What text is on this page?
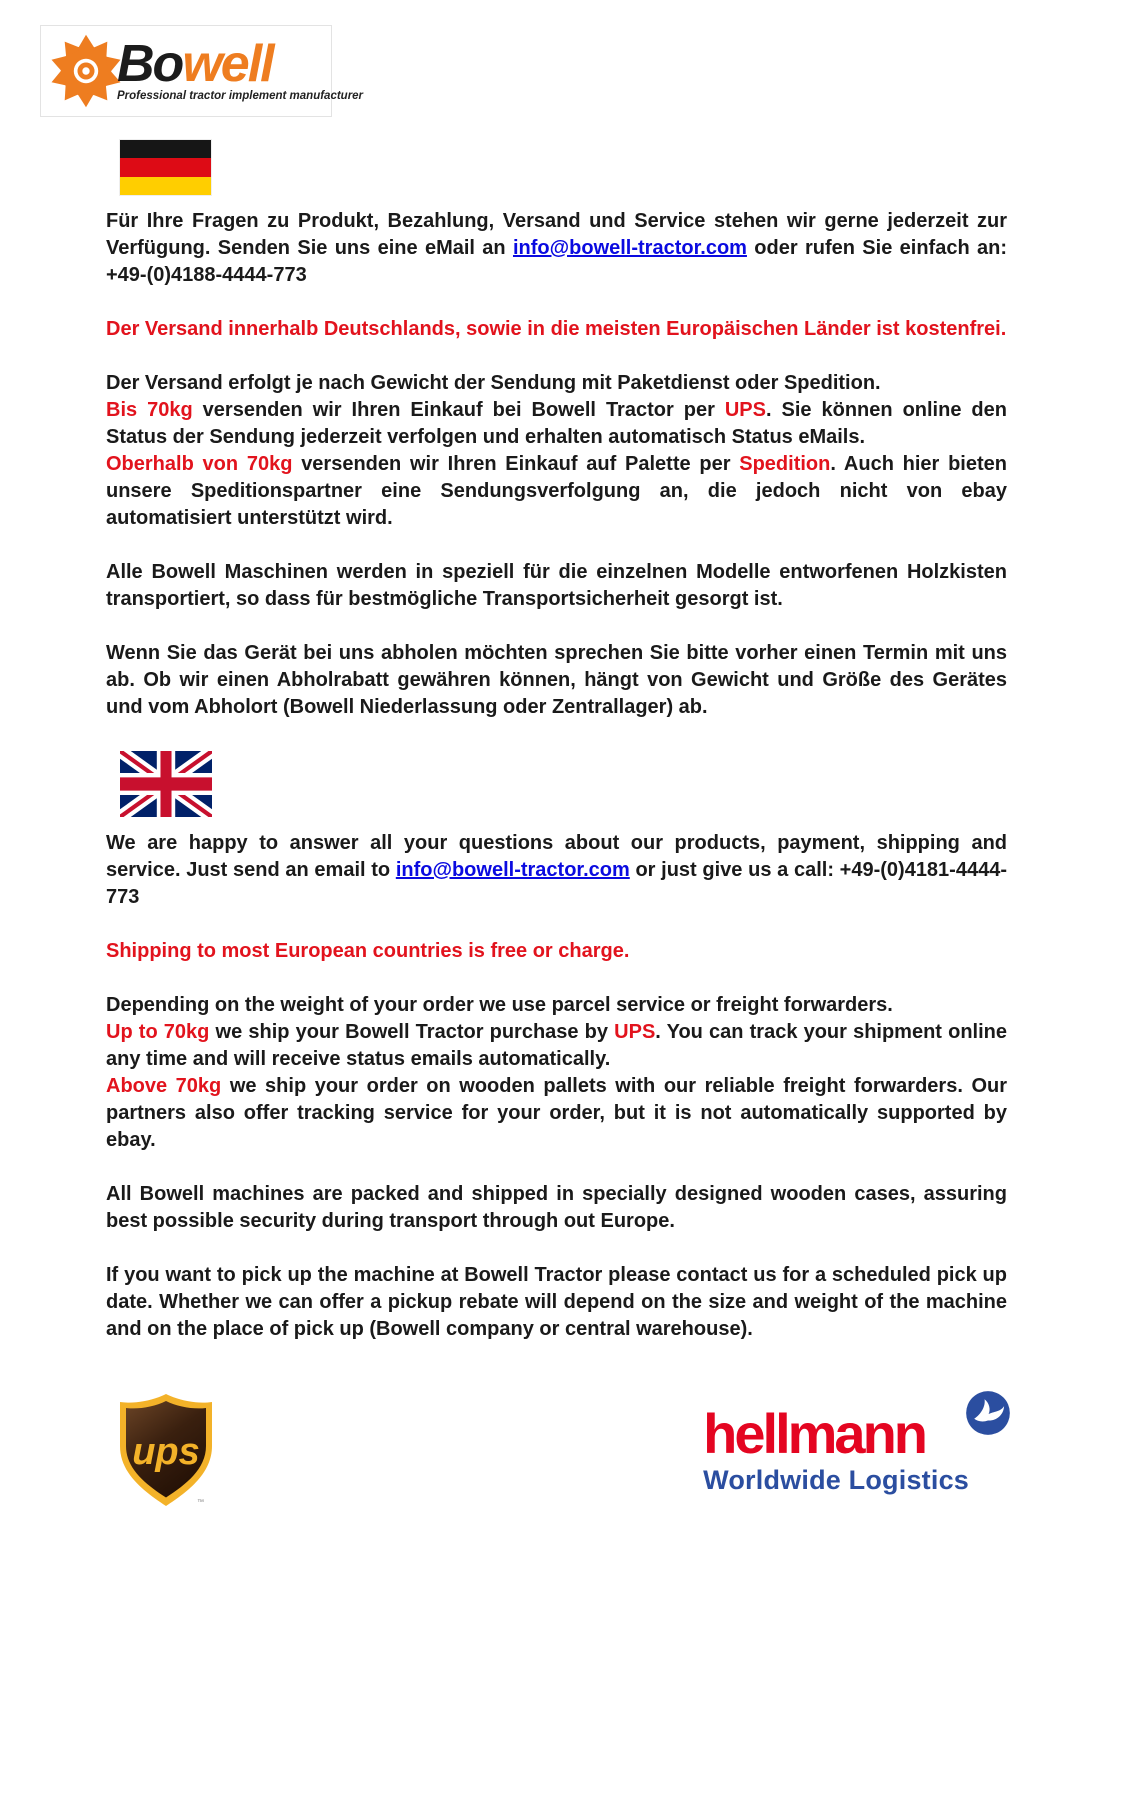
Bowell
Professional tractor implement manufacturer

Für Ihre Fragen zu Produkt, Bezahlung, Versand und Service stehen wir gerne jederzeit zur Verfügung. Senden Sie uns eine eMail an info@bowell-tractor.com oder rufen Sie einfach an: +49-(0)4188-4444-773

Der Versand innerhalb Deutschlands, sowie in die meisten Europäischen Länder ist kostenfrei.

Der Versand erfolgt je nach Gewicht der Sendung mit Paketdienst oder Spedition.

Bis 70kg versenden wir Ihren Einkauf bei Bowell Tractor per UPS. Sie können online den Status der Sendung jederzeit verfolgen und erhalten automatisch Status eMails.

Oberhalb von 70kg versenden wir Ihren Einkauf auf Palette per Spedition. Auch hier bieten unsere Speditionspartner eine Sendungsverfolgung an, die jedoch nicht von ebay automatisiert unterstützt wird.

Alle Bowell Maschinen werden in speziell für die einzelnen Modelle entworfenen Holzkisten transportiert, so dass für bestmögliche Transportsicherheit gesorgt ist.

Wenn Sie das Gerät bei uns abholen möchten sprechen Sie bitte vorher einen Termin mit uns ab. Ob wir einen Abholrabatt gewähren können, hängt von Gewicht und Größe des Gerätes und vom Abholort (Bowell Niederlassung oder Zentrallager) ab.

We are happy to answer all your questions about our products, payment, shipping and service. Just send an email to info@bowell-tractor.com or just give us a call: +49-(0)4181-4444-773

Shipping to most European countries is free or charge.

Depending on the weight of your order we use parcel service or freight forwarders.

Up to 70kg we ship your Bowell Tractor purchase by UPS. You can track your shipment online any time and will receive status emails automatically.

Above 70kg we ship your order on wooden pallets with our reliable freight forwarders. Our partners also offer tracking service for your order, but it is not automatically supported by ebay.

All Bowell machines are packed and shipped in specially designed wooden cases, assuring best possible security during transport through out Europe.

If you want to pick up the machine at Bowell Tractor please contact us for a scheduled pick up date. Whether we can offer a pickup rebate will depend on the size and weight of the machine and on the place of pick up (Bowell company or central warehouse).

ups
™
hellmann
Worldwide Logistics
